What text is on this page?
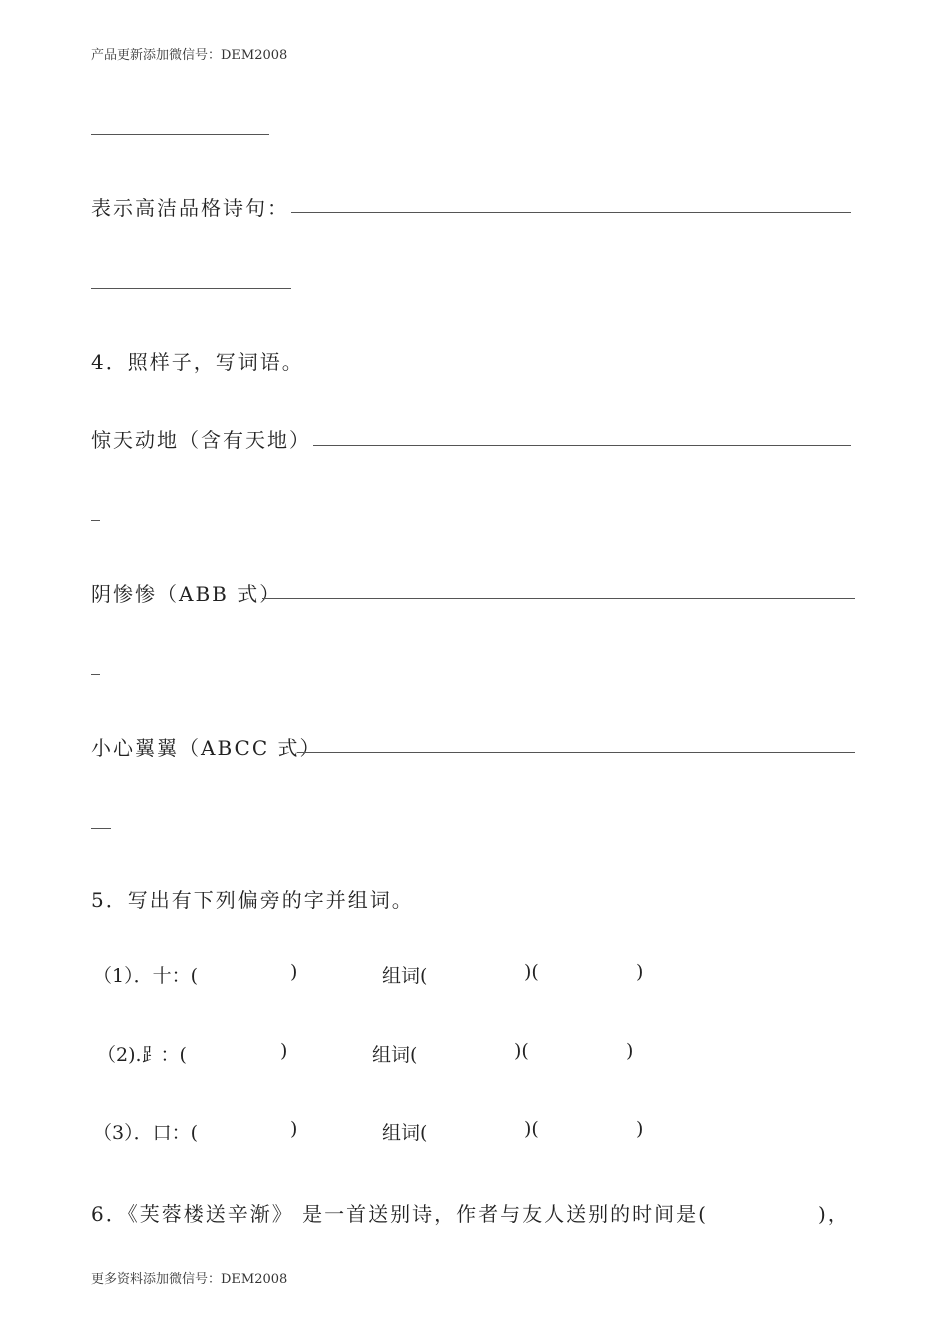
产品更新添加微信号：DEM2008
表示高洁品格诗句：
4．照样子，写词语。
惊天动地（含有天地）
阴惨惨（ABB 式）
小心翼翼（ABCC 式）
5．写出有下列偏旁的字并组词。
（1）．十：(	)	组词(	)(	)
（2).⻊：(	)	组词(	)(	)
（3）．口：(	)	组词(	)(	)
6．《芙蓉楼送辛渐》 是一首送别诗，作者与友人送别的时间是(	)，
更多资料添加微信号：DEM2008
